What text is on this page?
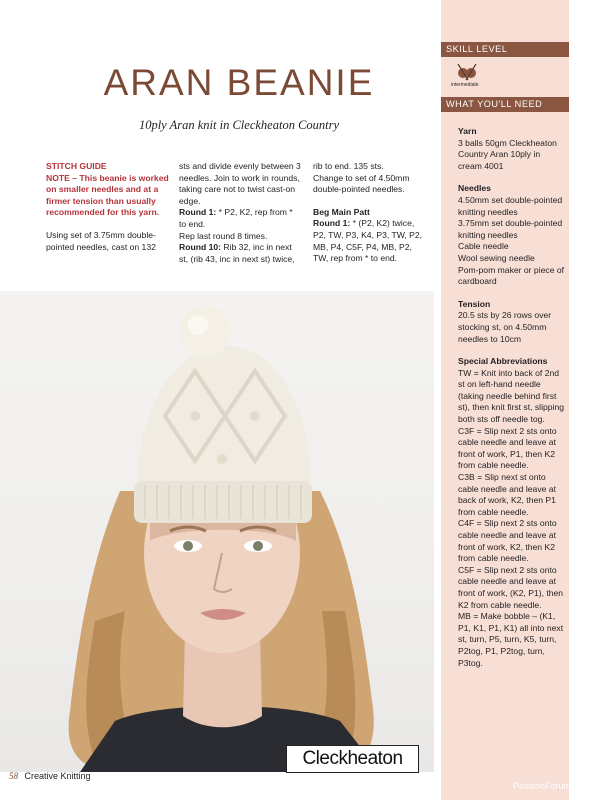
ARAN BEANIE
10ply Aran knit in Cleckheaton Country
STITCH GUIDE

NOTE – This beanie is worked on smaller needles and at a firmer tension than usually recommended for this yarn.

Using set of 3.75mm double-pointed needles, cast on 132

sts and divide evenly between 3 needles. Join to work in rounds, taking care not to twist cast-on edge.
Round 1: * P2, K2, rep from * to end.
Rep last round 8 times.
Round 10: Rib 32, inc in next st, (rib 43, inc in next st) twice,
rib to end. 135 sts.

Change to set of 4.50mm double-pointed needles.

Beg Main Patt
Round 1: * (P2, K2) twice, P2, TW, P3, K4, P3, TW, P2, MB, P4, C5F, P4, MB, P2, TW, rep from * to end.
Cleckheaton
58 Creative Knitting
SKILL LEVEL
intermediate
WHAT YOU'LL NEED
Yarn
3 balls 50gm Cleckheaton Country Aran 10ply in cream 4001
Needles
4.50mm set double-pointed knitting needles
3.75mm set double-pointed knitting needles
Cable needle
Wool sewing needle
Pom-pom maker or piece of cardboard
Tension
20.5 sts by 26 rows over stocking st, on 4.50mm needles to 10cm
Special Abbreviations
TW = Knit into back of 2nd st on left-hand needle (taking needle behind first st), then knit first st, slipping both sts off needle tog.
C3F = Slip next 2 sts onto cable needle and leave at front of work, P1, then K2 from cable needle.
C3B = Slip next st onto cable needle and leave at back of work, K2, then P1 from cable needle.
C4F = Slip next 2 sts onto cable needle and leave at front of work, K2, then K2 from cable needle.
C5F = Slip next 2 sts onto cable needle and leave at front of work, (K2, P1), then K2 from cable needle.
MB = Make bobble – (K1, P1, K1, P1, K1) all into next st, turn, P5, turn, K5, turn, P2tog, P1, P2tog, turn, P3tog.
PassionForum.ru
